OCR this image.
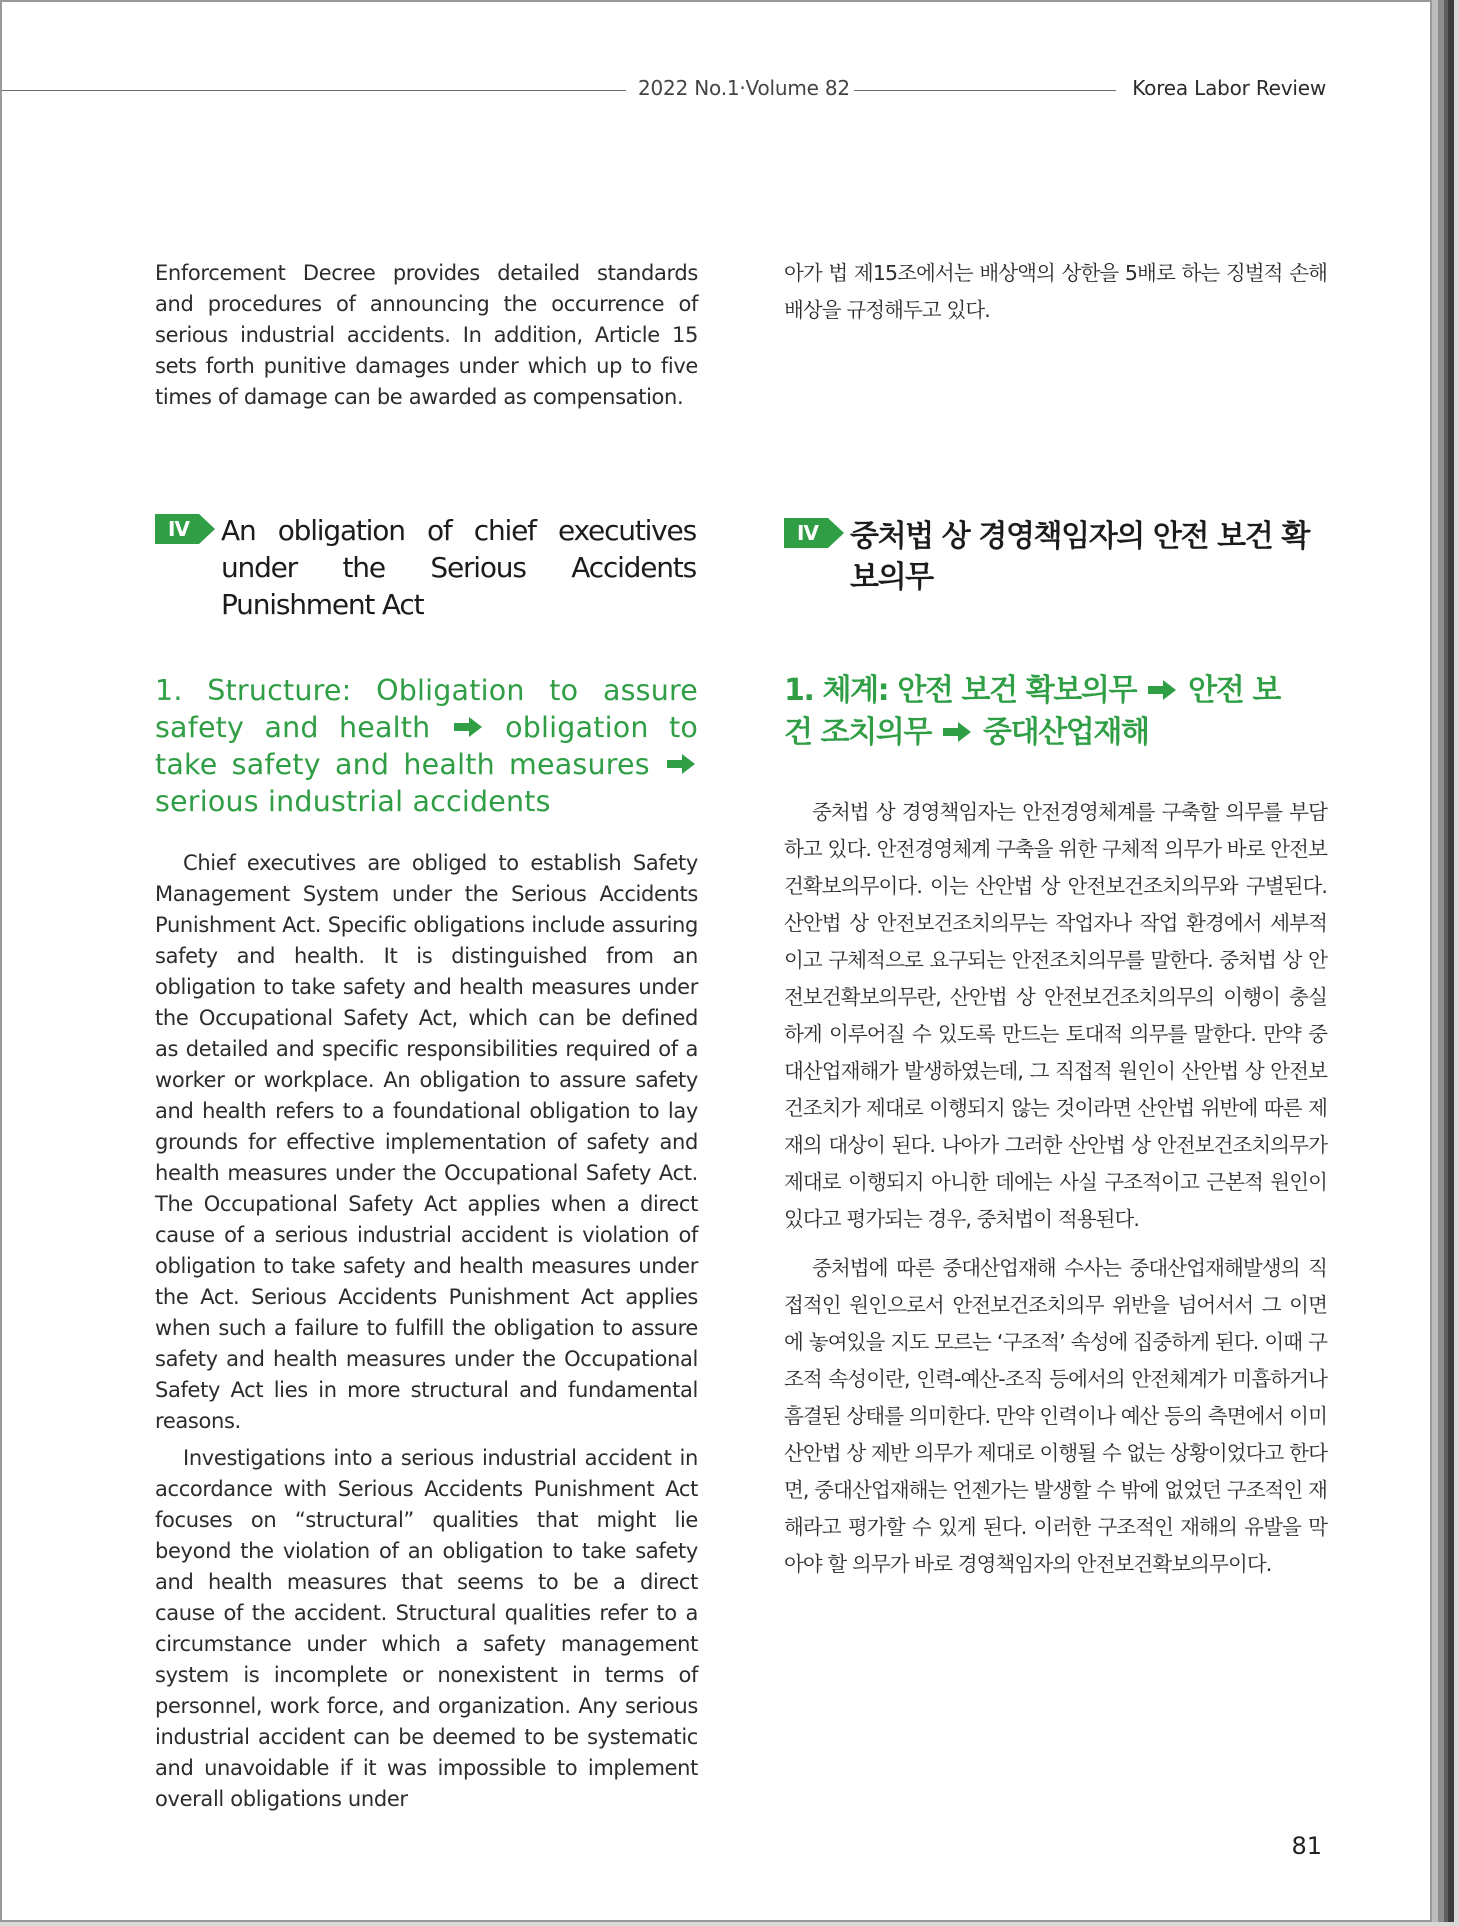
2022 No.1·Volume 82	Korea Labor Review

Enforcement Decree provides detailed standards and procedures of announcing the occurrence of serious industrial accidents. In addition, Article 15 sets forth punitive damages under which up to five times of damage can be awarded as compensation.

아가 법 제15조에서는 배상액의 상한을 5배로 하는 징벌적 손해배상을 규정해두고 있다.

Ⅳ	An obligation of chief executives under the Serious Accidents Punishment Act

Ⅳ	중처법 상 경영책임자의 안전 보건 확보의무

1. Structure: Obligation to assure safety and health	obligation to take safety and health measures  serious industrial accidents

1. 체계: 안전 보건 확보의무 안전 보건 조치의무 중대산업재해

Chief executives are obliged to establish Safety Management System under the Serious Accidents Punishment Act. Specific obligations include assuring safety and health. It is distinguished from an obligation to take safety and health measures under the Occupational Safety Act, which can be defined as detailed and specific responsibilities required of a worker or workplace. An obligation to assure safety and health refers to a foundational obligation to lay grounds for effective implementation of safety and health measures under the Occupational Safety Act. The Occupational Safety Act applies when a direct cause of a serious industrial accident is violation of obligation to take safety and health measures under the Act. Serious Accidents Punishment Act applies when such a failure to fulfill the obligation to assure safety and health measures under the Occupational Safety Act lies in more structural and fundamental reasons.

Investigations into a serious industrial accident in accordance with Serious Accidents Punishment Act focuses on “structural” qualities that might lie beyond the violation of an obligation to take safety and health measures that seems to be a direct cause of the accident. Structural qualities refer to a circumstance under which a safety management system is incomplete or nonexistent in terms of personnel, work force, and organization. Any serious industrial accident can be deemed to be systematic and unavoidable if it was impossible to implement overall obligations under

중처법 상 경영책임자는 안전경영체계를 구축할 의무를 부담하고 있다. 안전경영체계 구축을 위한 구체적 의무가 바로 안전보건확보의무이다. 이는 산안법 상 안전보건조치의무와 구별된다. 산안법 상 안전보건조치의무는 작업자나 작업 환경에서 세부적이고 구체적으로 요구되는 안전조치의무를 말한다. 중처법 상 안전보건확보의무란, 산안법 상 안전보건조치의무의 이행이 충실하게 이루어질 수 있도록 만드는 토대적 의무를 말한다. 만약 중대산업재해가 발생하였는데, 그 직접적 원인이 산안법 상 안전보건조치가 제대로 이행되지 않는 것이라면 산안법 위반에 따른 제재의 대상이 된다. 나아가 그러한 산안법 상 안전보건조치의무가 제대로 이행되지 아니한 데에는 사실 구조적이고 근본적 원인이 있다고 평가되는 경우, 중처법이 적용된다.

중처법에 따른 중대산업재해 수사는 중대산업재해발생의 직접적인 원인으로서 안전보건조치의무 위반을 넘어서서 그 이면에 놓여있을 지도 모르는 ‘구조적’ 속성에 집중하게 된다. 이때 구조적 속성이란, 인력-예산-조직 등에서의 안전체계가 미흡하거나 흠결된 상태를 의미한다. 만약 인력이나 예산 등의 측면에서 이미 산안법 상 제반 의무가 제대로 이행될 수 없는 상황이었다고 한다면, 중대산업재해는 언젠가는 발생할 수 밖에 없었던 구조적인 재해라고 평가할 수 있게 된다. 이러한 구조적인 재해의 유발을 막아야 할 의무가 바로 경영책임자의 안전보건확보의무이다.

81
